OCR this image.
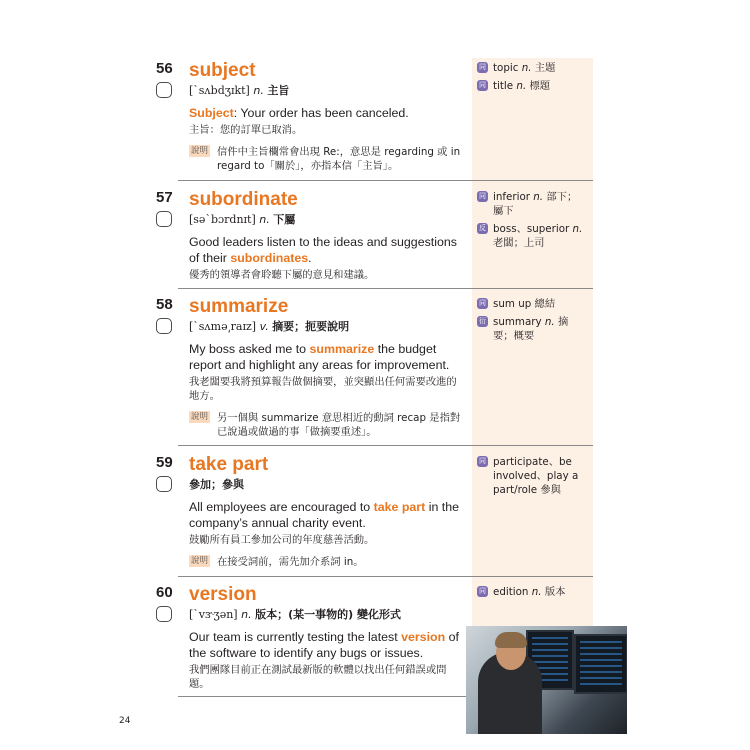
56 subject
[ˋsʌbdʒɪkt] n. 主旨
Subject: Your order has been canceled.
主旨：您的訂單已取消。
說明 信件中主旨欄常會出現 Re:，意思是 regarding 或 in regard to「關於」，亦指本信「主旨」。
同 topic n. 主題
同 title n. 標題
57 subordinate
[səˋbɔrdnɪt] n. 下屬
Good leaders listen to the ideas and suggestions of their subordinates.
優秀的領導者會聆聽下屬的意見和建議。
同 inferior n. 部下；屬下
反 boss、superior n. 老闆；上司
58 summarize
[ˋsʌmə͵raɪz] v. 摘要；扼要說明
My boss asked me to summarize the budget report and highlight any areas for improvement.
我老闆要我將預算報告做個摘要，並突顯出任何需要改進的地方。
說明 另一個與 summarize 意思相近的動詞 recap 是指對已說過或做過的事「做摘要重述」。
同 sum up 總結
衍 summary n. 摘要；概要
59 take part
參加；參與
All employees are encouraged to take part in the company’s annual charity event.
鼓勵所有員工參加公司的年度慈善活動。
說明 在接受詞前，需先加介系詞 in。
同 participate、be involved、play a part/role 參與
60 version
[ˋvɝʒən] n. 版本；(某一事物的) 變化形式
Our team is currently testing the latest version of the software to identify any bugs or issues.
我們團隊目前正在測試最新版的軟體以找出任何錯誤或問題。
同 edition n. 版本
24
